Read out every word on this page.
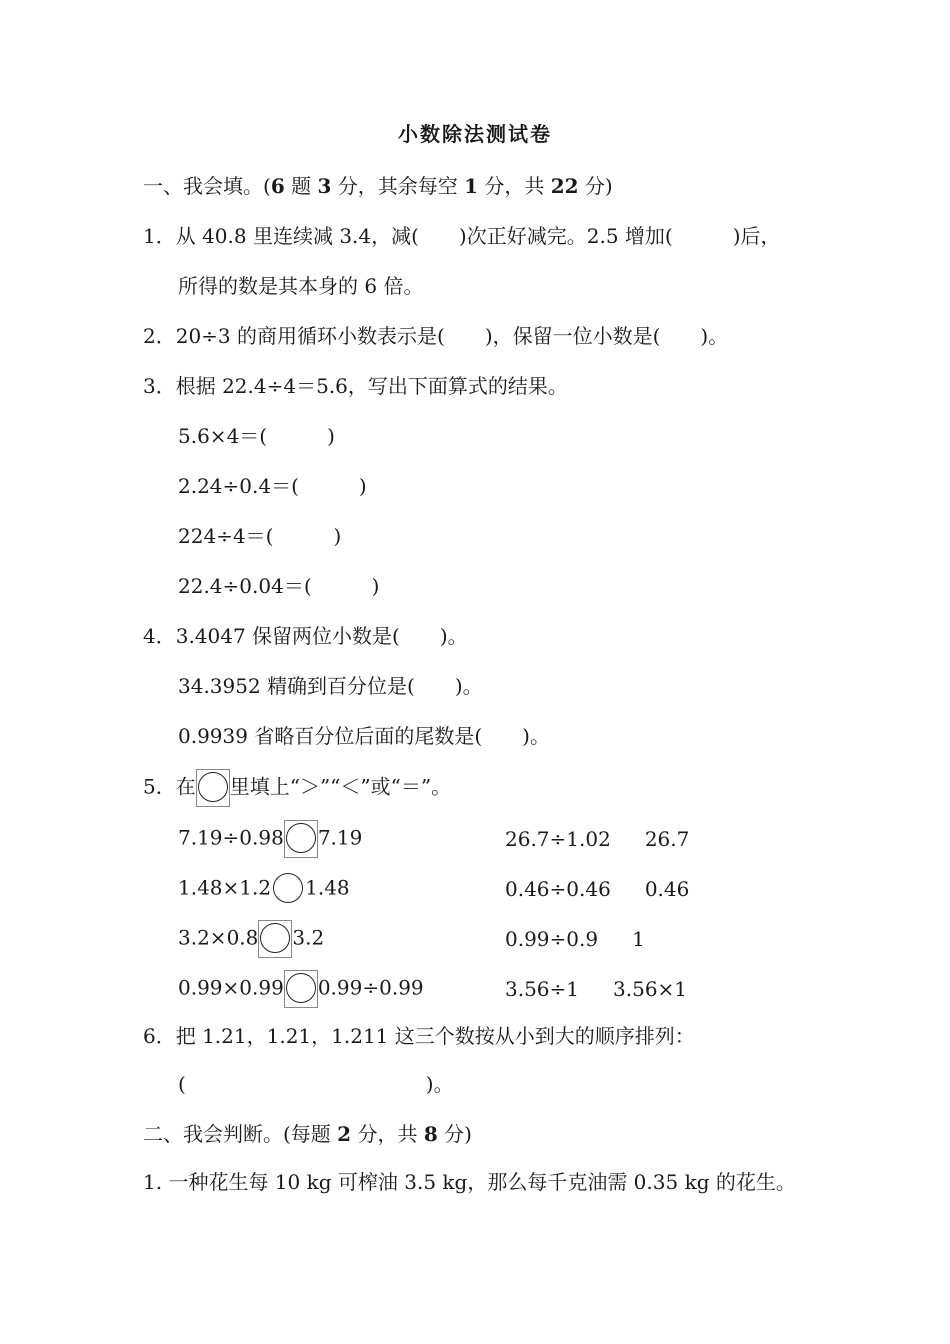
小数除法测试卷
一、我会填。(6 题 3 分，其余每空 1 分，共 22 分)
1．从 40.8 里连续减 3.4，减(　　)次正好减完。2.5 增加(　　　)后，
所得的数是其本身的 6 倍。
2．20÷3 的商用循环小数表示是(　　)，保留一位小数是(　　)。
3．根据 22.4÷4＝5.6，写出下面算式的结果。
5.6×4＝(　　　)
2.24÷0.4＝(　　　)
224÷4＝(　　　)
22.4÷0.04＝(　　　)
4．3.4047 保留两位小数是(　　)。
34.3952 精确到百分位是(　　)。
0.9939 省略百分位后面的尾数是(　　)。
5．在 里填上“＞”“＜”或“＝”。
7.19÷0.98 7.19
1.48×1.2 1.48
3.2×0.8 3.2
0.99×0.99 0.99÷0.99
26.7÷1.02 26.7
0.46÷0.46 0.46
0.99÷0.9 1
3.56÷1 3.56×1
6．把 1.21，1.21，1.211 这三个数按从小到大的顺序排列：
(　　　　　　　　　　　　)。
二、我会判断。(每题 2 分，共 8 分)
1. 一种花生每 10 kg 可榨油 3.5 kg，那么每千克油需 0.35 kg 的花生。
